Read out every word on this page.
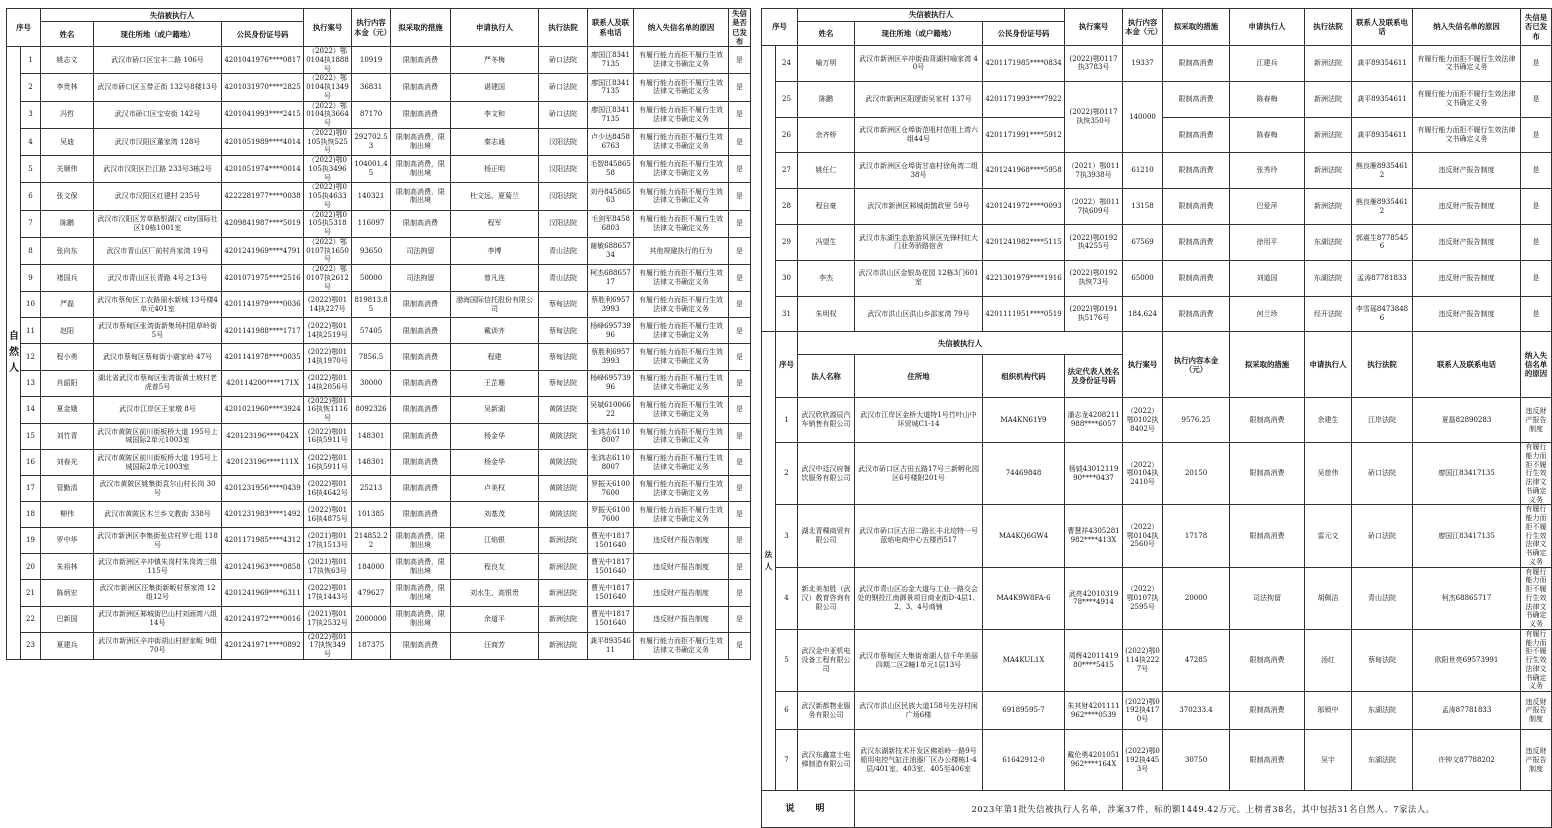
序号		失信被执行人			执行案号	执行内容本金（元）	拟采取的措施	申请执行人	执行法院	联系人及联系电话	纳入失信名单的原因	失信是否已发布
		姓名	现住所地（或户籍地）	公民身份证号码								
自
然
人	1	姚志文	武汉市硚口区宝丰二路 106号	4201041976****0817	（2022）鄂0104执1888号	10919	限制高消费	严冬梅	硚口法院	廖国江83417135	有履行能力而拒不履行生效法律文书确定义务	是
	2	李贵林	武汉市硚口区玉带正街 132号8楼13号	4201031970****2825	（2022）鄂0104执1349号	36831	限制高消费	谌建国	硚口法院	廖国江83417135	有履行能力而拒不履行生效法律文书确定义务	是
	3	冯哲	武汉市硚口区宝安街 142号	4201041993****2415	（2022）鄂0104执3664号	87170	限制高消费	李文和	硚口法院	廖国江83417135	有履行能力而拒不履行生效法律文书确定义务	是
	4	吴迪	武汉市汉阳区董家湾 128号	4201051989****4014	（2022)鄂0105执恢525号	292702.53	限制高消费，限制出境	秦志通	汉阳法院	卢少达84586763	有履行能力而拒不履行生效法律文书确定义务	是
	5	关顺伟	武汉市汉阳区拦江路 233号3栋2号	4201051974****0014	（2022)鄂0105执3496号	104001.45	限制高消费，限制出境	杨正明	汉阳法院	毛智84586558	有履行能力而拒不履行生效法律文书确定义务	是
	6	张文保	武汉市汉阳区红建村 235号	4222281977****0038	（2022)鄂0105执4633号	140321	限制高消费，限制出境	杜文远、夏菊兰	汉阳法院	刘丹84586563	有履行能力而拒不履行生效法律文书确定义务	是
	7	陈鹏	武汉市汉阳区芳草路银湖汉 city国际社区10栋1001室	4209841987****5019	（2022)鄂0105执5318号	116097	限制高消费	程军	汉阳法院	毛剑军84586803	有履行能力而拒不履行生效法律文书确定义务	是
	8	张向东	武汉市青山区厂前村肖家湾 19号	4201241969****4791	（2022）鄂0107执1650号	93650	司法拘留	李博	青山法院	谢敏68865734	其他规避执行的行为	是
	9	褚国兵	武汉市青山区长青路 4号之13号	4201071975****2516	（2022）鄂0107执2612号	50000	司法拘留	曾凡连	青山法院	柯杰68865717	有履行能力而拒不履行生效法律文书确定义务	是
	10	严磊	武汉市蔡甸区工农路丽水新城 13号楼4单元401室	4201141979****0036	(2022)鄂0114执227号	819813.85	限制高消费	渤海国际信托股份有限公司	蔡甸法院	蔡胜利69573993	有履行能力而拒不履行生效法律文书确定义务	是
	11	赵阳	武汉市蔡甸区张湾街新集场村阻草岭街 5号	4201141988****1717	(2022)鄂0114执2519号	57405	限制高消费	戴训齐	蔡甸法院	杨峰69573996	有履行能力而拒不履行生效法律文书确定义务	是
	12	程小勇	武汉市蔡甸区蔡甸街小震家岭 47号	4201141978****0035	(2022)鄂0114执1970号	7856.5	限制高消费	程建	蔡甸法院	蔡胜利69573993	有履行能力而拒不履行生效法律文书确定义务	是
	13	肖韶阳	湖北省武汉市蔡甸区张湾街黄土坡村老虎普5号	420114200****171X	(2022)鄂0114执2056号	30000	限制高消费	王芷珊	蔡甸法院	杨峰69573996	有履行能力而拒不履行生效法律文书确定义务	是
	14	夏金娥	武汉市江岸区王家墩 8号	4201021960****3924	(2022)鄂0116执恢1116号	8092326	限制高消费	吴新湖	黄陂法院	吴斌61006622	有履行能力而拒不履行生效法律文书确定义务	是
	15	刘竹青	武汉市黄陂区前川街板桥大道 195号上城国际2单元1003室	420123196****042X	(2022)鄂0116执5911号	148301	限制高消费	杨金华	黄陂法院	张鸿志61108007	有履行能力而拒不履行生效法律文书确定义务	是
	16	刘春光	武汉市黄陂区前川街板桥大道 195号上城国际2单元1003室	420123196****111X	(2022)鄂0116执5911号	148301	限制高消费	杨金华	黄陂法院	张鸿志61108007	有履行能力而拒不履行生效法律文书确定义务	是
	17	管勤清	武汉市黄陂区姚集街袁尔山村长岗 30号	4201231956****0439	(2022)鄂0116执4642号	25213	限制高消费	卢美权	黄陂法院	罗振天61007600	有履行能力而拒不履行生效法律文书确定义务	是
	18	柳伟	武汉市黄陂区木兰乡文教街 338号	4201231983****1492	(2022)鄂0116执4875号	101385	限制高消费	刘基茂	黄陂法院	罗振天61007600	有履行能力而拒不履行生效法律文书确定义务	是
	19	罗中华	武汉市新洲区李集街张店村罗七组 118号	4201171985****4312	(2021)鄂0117执1513号	214852.22	限制高消费，限制出境	江焰银	新洲法院	曹光中18171501640	违反财产报告制度	是
	20	朱裕林	武汉市新洲区辛冲镇朱岗村朱岗湾三组115号	4201241963****0858	(2021)鄂0117执恢63号	184000	限制高消费，限制出境	程良友	新洲法院	曹光中18171501640	违反财产报告制度	是
	21	陈炳宏	武汉市新洲区汪集街新畈村蔡家湾 12组12号	4201241969****6311	(2022)鄂0117执1443号	479627	限制高消费，限制出境	刘水生、高银贵	新洲法院	曹光中18171501640	违反财产报告制度	是
	22	巴新国	武汉市新洲区邾城街巴山村刘面湾八组14号	4201241972****0016	(2021)鄂0117执2532号	2000000	限制高消费，限制出境	余道平	新洲法院	曹光中18171501640	违反财产报告制度	是
	23	夏建兵	武汉市新洲区辛冲街胡山村舒家畈 9组70号	4201241971****0892	(2022)鄂0117执恢349号	187375	限制高消费	汪商芳	新洲法院	龚平89354611	有履行能力而拒不履行生效法律文书确定义务	是
序号		失信被执行人			执行案号	执行内容本金（元）	拟采取的措施	申请执行人	执行法院	联系人及联系电话	纳入失信名单的原因	失信是否已发布	
		姓名	现住所地（或户籍地）	公民身份证号码									
	24	喻万明	武汉市新洲区辛冲街曲背湖村喻家湾 40号	4201171985****0834	(2022)鄂0117执3783号	19337	限制高消费	江建兵	新洲法院	龚平89354611	有履行能力而拒不履行生效法律文书确定义务	是	
	25	陈鹏	武汉市新洲区阳逻街吴家村 137号	4201171993****7922	(2022)鄂0117执恢350号	140000	限制高消费	陈春梅	新洲法院	龚平89354611	有履行能力而拒不履行生效法律文书确定义务	是	
	26	余齐桥	武汉市新洲区仓埠街范咀村范咀上湾六组44号	4201171991****5912			限制高消费	陈春梅	新洲法院	龚平89354611	有履行能力而拒不履行生效法律文书确定义务	是	
	27	姚任仁	武汉市新洲区仓埠街甘庙村徐角湾二组38号	4201241968****5958	（2021）鄂0117执3938号	61210	限制高消费	张秀玲	新洲法院	熊良雁89354612	违反财产报告制度	是	
	28	程自豪	武汉市新洲区邾城街鹊政里 59号	4201241972****0093	（2022）鄂0117执609号	13158	限制高消费	巴爱萍	新洲法院	熊良雁89354612	违反财产报告制度	是	
	29	冯望生	武汉市东湖生态旅游风景区先锋村红大门业务骄路宿舍	4201241982****5115	(2022)鄂0192执4255号	67569	限制高消费	徐用平	东湖法院	郭震生87785456	违反财产报告制度	是	
	30	李杰	武汉市洪山区金银岛花园 12栋3门601室	4221301979****1916	(2022)鄂0192执恢73号	65000	限制高消费	刘道国	东湖法院	孟涛87781833	违反财产报告制度	是	
	31	朱明权	武汉市洪山区洪山乡邵家湾 79号	4201111951****0519	(2022)鄂0191执5176号	184,624	限制高消费	何兰珍	经开法院	李雪瑶84738486	违反财产报告制度	是	
法
人	序号	失信被执行人				执行案号	执行内容本金（元）	拟采取的措施	申请执行人	执行法院	联系人及联系电话	纳入失信名单的原因	
		法人名称	住所地	组织机构代码	法定代表人姓名及身份证号码								
	1	武汉欣欣源辰汽车销售有限公司	武汉市江岸区金桥大道特1号竹叶山中环贸城C1-14	MA4KN61Y9	潘志龙4208211988****6057	（2022）鄂0102执8402号	9576.25	限制高消费	余建生	江岸法院	夏磊82890283	违反财产报告制度	
	2	武汉中廷汉府餐饮服务有限公司	武汉市硚口区古田五路17号三新孵化园区6号楼附201号	74469848	杨钺4301211990****0437	（2022）鄂0104执2410号	20150	限制高消费	吴慈伟	硚口法院	廖国江83417135	有履行能力而拒不履行生效法律文书确定义务	
	3	湖北青稞商贸有限公司	武汉市硚口区古田二路长丰北垸特一号蓝焰电商中心五楼西517	MA4KQ6GW4	曹慧祥4305281982****413X	（2022）鄂0104执2560号	17178	限制高消费	雷元文	硚口法院	廖国江83417135	有履行能力而拒不履行生效法律文书确定义务	
	4	新北美加胜（武汉）教育咨询有限公司	武汉市青山区冶金大道与工业一路交会处的钢投江南御景项目商业街D-4层1、2、3、4号商铺	MA4K9W8FA-6	武亮4201031978****4914	（2022）鄂0107执2595号	20000	司法拘留	胡佩洁	青山法院	柯杰68865717	有履行能力而拒不履行生效法律文书确定义务	
	5	武汉金中亚机电设备工程有限公司	武汉市蔡甸区大集街南湖人信千年美丽四期二区2幢1单元1层13号	MA4KUL1X	周辉4201141980****5415	(2022)鄂0114执2227号	47285	限制高消费	汤红	蔡甸法院	欧阳世亮69573991	有履行能力而拒不履行生效法律文书确定义务	
	6	武汉新都物业服务有限公司	武汉市洪山区民族大道158号先谷村闲广场6楼	69189595-7	朱其财4201111962****0539	(2022)鄂0192执4170号	370233.4	限制高消费	邬锁中	东湖法院	孟涛87781833	违反财产报告制度	
	7	武汉东鑫富士电梯制造有限公司	武汉东湖新技术开发区佛祖岭一路9号船用电控气缸注油器厂区办公楼栋1-4层/401室、403室、405至406室	61642912-0	戴伦勇4201051962****164X	(2022)鄂0192执4453号	30750	限制高消费	吴宇	东湖法院	许钟文87788202	违反财产报告制度	
说　明			2023年第1批失信被执行人名单，涉案37件，标的额1449.42万元。上榜者38名，其中包括31名自然人、7家法人。										
